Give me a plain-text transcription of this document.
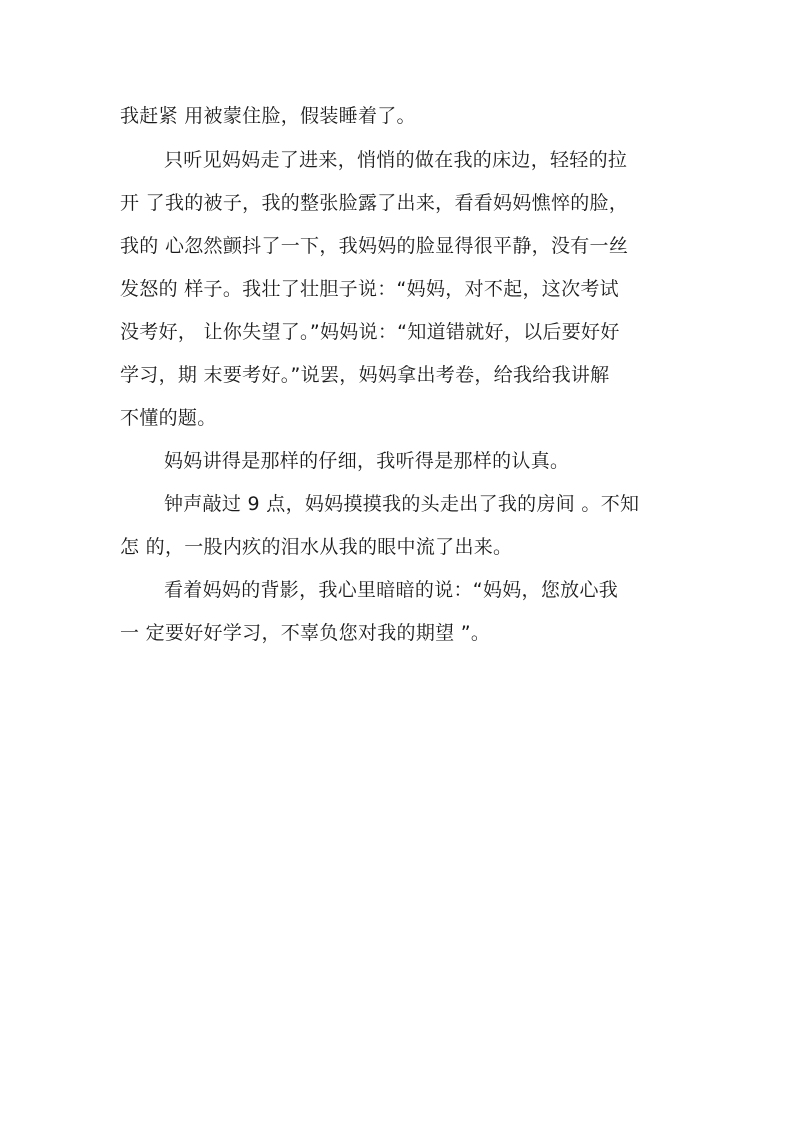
我赶紧 用被蒙住脸，假装睡着了。

只听见妈妈走了进来，悄悄的做在我的床边，轻轻的拉

开 了我的被子，我的整张脸露了出来，看看妈妈憔悴的脸，

我的 心忽然颤抖了一下，我妈妈的脸显得很平静，没有一丝

发怒的 样子。我壮了壮胆子说：“妈妈，对不起，这次考试

没考好， 让你失望了。”妈妈说：“知道错就好，以后要好好

学习，期 末要考好。”说罢，妈妈拿出考卷，给我给我讲解

不懂的题。

妈妈讲得是那样的仔细，我听得是那样的认真。

钟声敲过 9 点，妈妈摸摸我的头走出了我的房间 。不知

怎 的，一股内疚的泪水从我的眼中流了出来。

看着妈妈的背影，我心里暗暗的说：“妈妈，您放心我

一 定要好好学习，不辜负您对我的期望 ”。
